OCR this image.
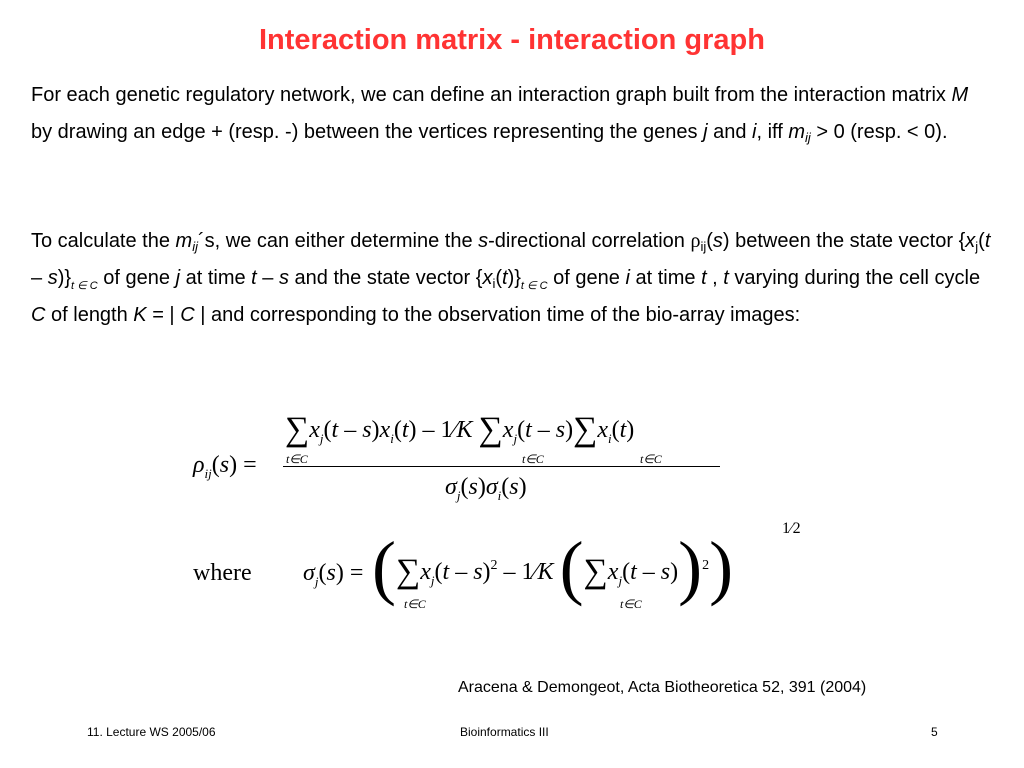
Interaction matrix - interaction graph
For each genetic regulatory network, we can define an interaction graph built from the interaction matrix M by drawing an edge + (resp. -) between the vertices representing the genes j and i, iff $m_{ij} > 0$ (resp. < 0).
To calculate the $m_{ij}´s$, we can either determine the s-directional correlation $\rho_{ij}(s)$ between the state vector $\{x_j(t - s)\}_{t \in C}$ of gene j at time t – s and the state vector $\{x_i(t)\}_{t \in C}$ of gene i at time t , t varying during the cell cycle C of length K = | C | and corresponding to the observation time of the bio-array images:
$\rho_{ij}(s)$ =
$\sum x_j(t - s)x_i(t)$ – 1⁄K $\sum x_j(t - s)\sum x_i(t)$
t∈C	t∈C	t∈C
$\sigma_j(s)\sigma_i(s)$
where $\sigma_j(s) = (\sum x_j(t - s)^2$ – 1⁄K $(\sum x_j(t - s))^2$)	1⁄2
t∈C	t∈C
Aracena & Demongeot, Acta Biotheoretica 52, 391 (2004)
11. Lecture WS 2005/06	Bioinformatics III	5
